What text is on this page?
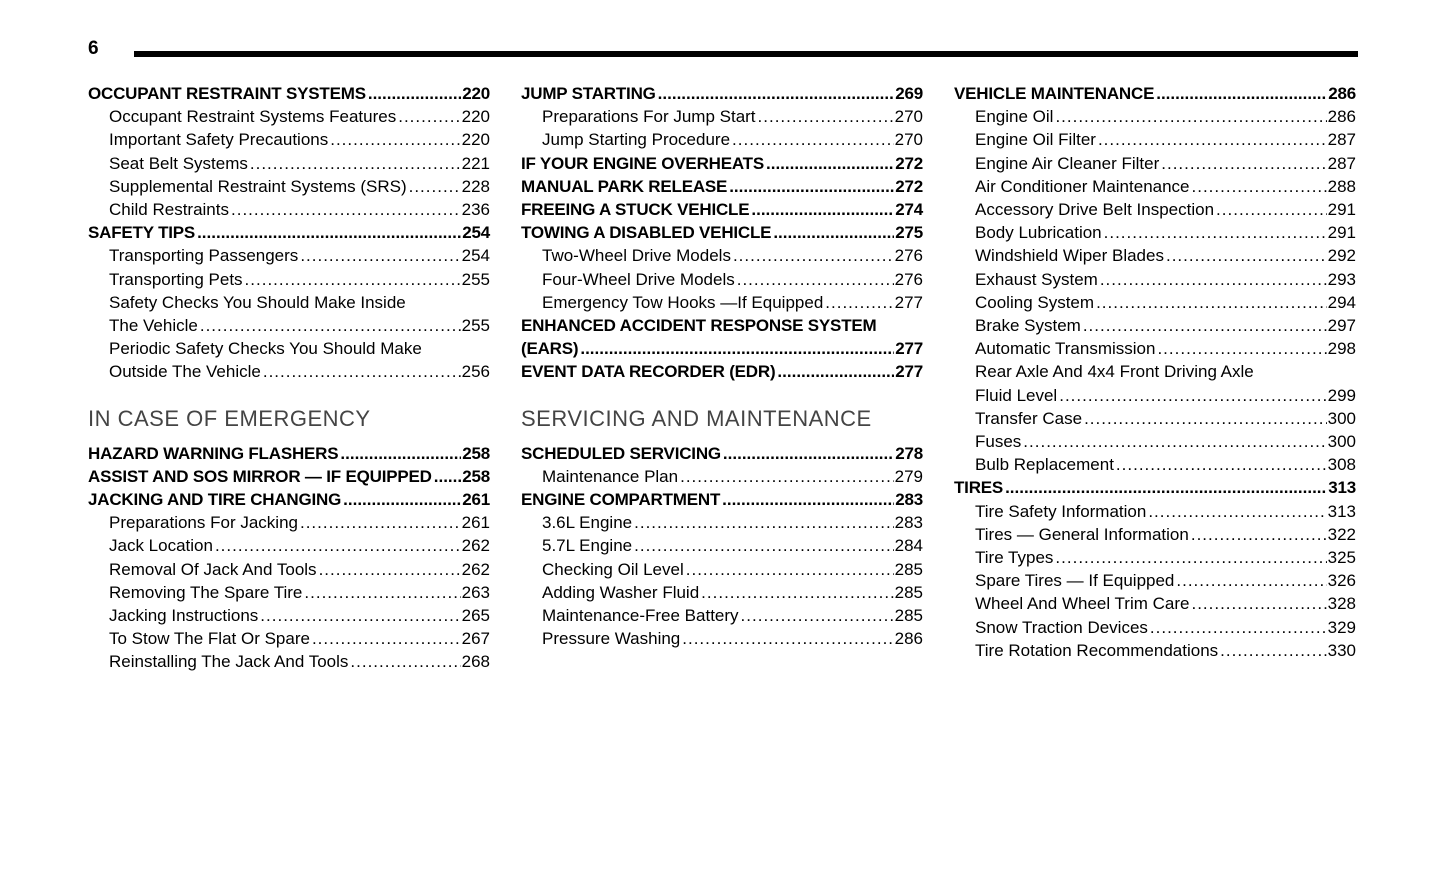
6
OCCUPANT RESTRAINT SYSTEMS .....	220
Occupant Restraint Systems Features .....	220
Important Safety Precautions .....	220
Seat Belt Systems .....	221
Supplemental Restraint Systems (SRS) .....	228
Child Restraints .....	236
SAFETY TIPS .....	254
Transporting Passengers .....	254
Transporting Pets .....	255
Safety Checks You Should Make Inside
The Vehicle .....	255
Periodic Safety Checks You Should Make
Outside The Vehicle .....	256
IN CASE OF EMERGENCY
HAZARD WARNING FLASHERS .....	258
ASSIST AND SOS MIRROR — IF EQUIPPED ..... 258
JACKING AND TIRE CHANGING .....	261
Preparations For Jacking .....	261
Jack Location .....	262
Removal Of Jack And Tools .....	262
Removing The Spare Tire .....	263
Jacking Instructions .....	265
To Stow The Flat Or Spare .....	267
Reinstalling The Jack And Tools .....	268
JUMP STARTING .....	269
Preparations For Jump Start .....	270
Jump Starting Procedure .....	270
IF YOUR ENGINE OVERHEATS .....	272
MANUAL PARK RELEASE .....	272
FREEING A STUCK VEHICLE .....	274
TOWING A DISABLED VEHICLE .....	275
Two-Wheel Drive Models .....	276
Four-Wheel Drive Models .....	276
Emergency Tow Hooks —If Equipped .....	277
ENHANCED ACCIDENT RESPONSE SYSTEM
(EARS) .....	277
EVENT DATA RECORDER (EDR) .....	277
SERVICING AND MAINTENANCE
SCHEDULED SERVICING .....	278
Maintenance Plan .....	279
ENGINE COMPARTMENT .....	283
3.6L Engine .....	283
5.7L Engine .....	284
Checking Oil Level .....	285
Adding Washer Fluid .....	285
Maintenance-Free Battery .....	285
Pressure Washing .....	286
VEHICLE MAINTENANCE .....	286
Engine Oil .....	286
Engine Oil Filter .....	287
Engine Air Cleaner Filter .....	287
Air Conditioner Maintenance .....	288
Accessory Drive Belt Inspection .....	291
Body Lubrication .....	291
Windshield Wiper Blades .....	292
Exhaust System .....	293
Cooling System .....	294
Brake System .....	297
Automatic Transmission .....	298
Rear Axle And 4x4 Front Driving Axle
Fluid Level .....	299
Transfer Case .....	300
Fuses .....	300
Bulb Replacement .....	308
TIRES .....	313
Tire Safety Information .....	313
Tires — General Information .....	322
Tire Types .....	325
Spare Tires — If Equipped .....	326
Wheel And Wheel Trim Care .....	328
Snow Traction Devices .....	329
Tire Rotation Recommendations .....	330
